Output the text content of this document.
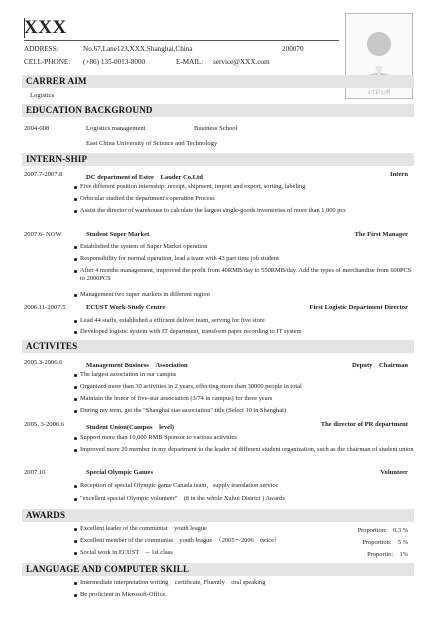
XXX
ADDRESS:	No.67,Lane123,XXX,Shanghai,China	200070
CELL-PHONE: (+86) 135-0013-8000	E-MAIL: service@XXX.com
1寸彩公照
CARRER AIM
Logistics
EDUCATION BACKGROUND
2004-008	Logistics management	Business School
East China University of Science and Technology
INTERN-SHIP
2007.7-2007.8	DC department of Estee　Lauder Co.Ltd	Intern
Five different position internship: receipt, shipment, import and export, sorting, labeling
Orbicular studied the department's operation Process
Assist the director of warehouse to calculate the largest single-goods inventories of more than 1,000 pcs
2007.6- NOW	Student Super Market	The First Manager
Established the system of Super Market operation
Responsibility for normal operation, lead a team with 43 part time job student
After 4 months management, improved the profit from 40RMB/day to 550RMB/day. Add the types of merchandise from 600PCS to 2000PCS
Management two super markets in different region
2006.11-2007.5	ECUST Work-Study Centre	First Logistic Department Director
Lead 44 staffs, established a efficient deliver team, serving for five store
Developed logistic system with IT department, transform paper recording to IT system
ACTIVITES
2005.3-2006.6	Management Business　Association	Deputy　Chairman
The largest association in our campus
Organized more than 30 activities in 2 years, effecting more than 30000 people in total
Maintain the honor of five-star association (3/74 in campus) for three years
During my term, get the "Shanghai star association" title (Select 10 in Shanghai)
2005. 3-2006.6	Student Union(Campus　level)	The director of PR department
Support more than 10,000 RMB Sponsor to various activities
Improved more 20 member in my department to the leader of different student organization, such as the chairman of student union
2007.10	Special Olympic Games	Volunteer
Reception of special Olympic game Canada team，supply translation service
"excellent special Olympic volunteer"　(8 in the whole Xuhui District ) Awards
AWARDS
Excellent leader of the communist　youth league	Proportion:　0.3 %
Excellent member of the communist　youth league　（2005～2006　twice）	Proportion:　5 %
Social work in ECUST　-- 1st class	Proportio:　1%
LANGUAGE AND COMPUTER SKILL
Intermediate interpretation writing　certificate, Fluently　oral speaking
Be proficient in Microsoft-Office.
